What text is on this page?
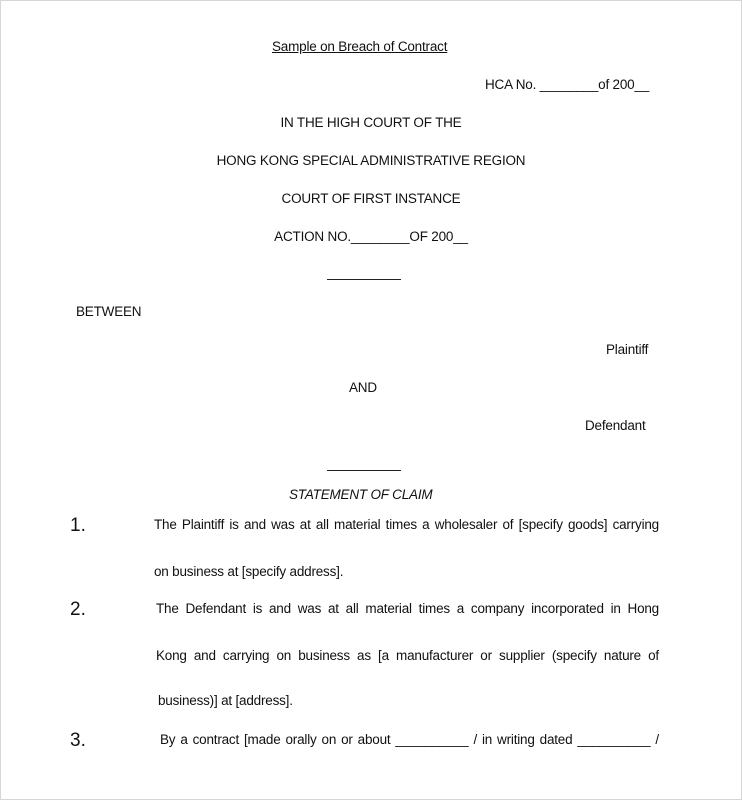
Sample on Breach of Contract
HCA No. ________of 200__
IN THE HIGH COURT OF THE
HONG KONG SPECIAL ADMINISTRATIVE REGION
COURT OF FIRST INSTANCE
ACTION NO.________OF 200__
BETWEEN
Plaintiff
AND
Defendant
STATEMENT OF CLAIM
1.	The Plaintiff is and was at all material times a wholesaler of [specify goods] carrying
on business at [specify address].
2.	The Defendant is and was at all material times a company incorporated in Hong
Kong and carrying on business as [a manufacturer or supplier (specify nature of
business)] at [address].
3.	By a contract [made orally on or about __________ / in writing dated __________ /
